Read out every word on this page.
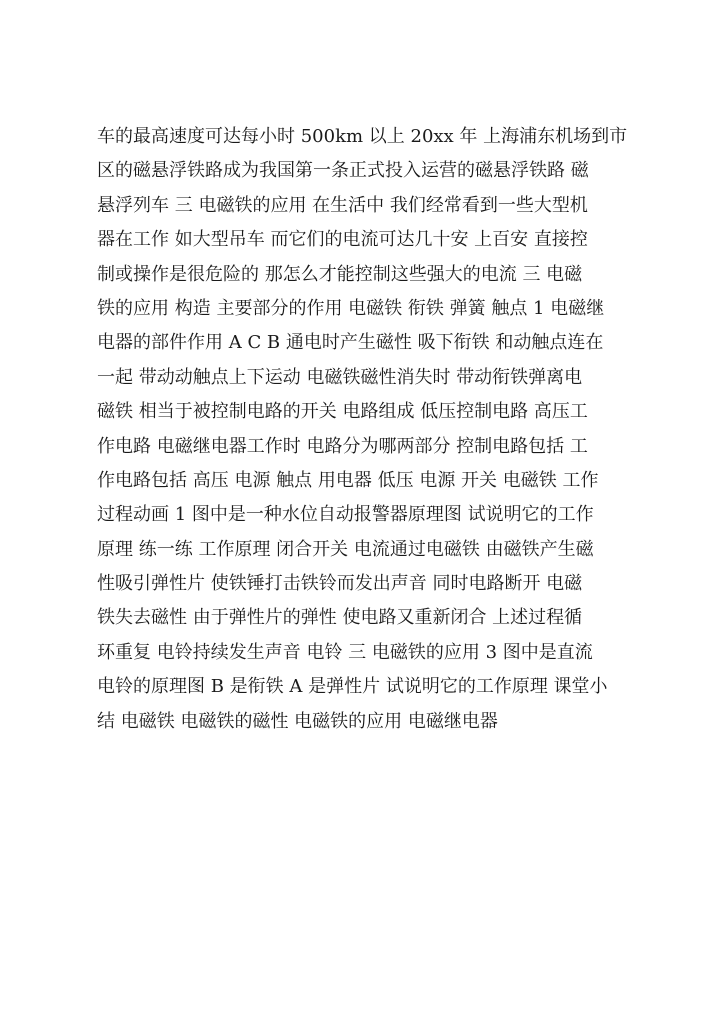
车的最高速度可达每小时 500km 以上 20xx 年 上海浦东机场到市
区的磁悬浮铁路成为我国第一条正式投入运营的磁悬浮铁路 磁
悬浮列车 三 电磁铁的应用 在生活中 我们经常看到一些大型机
器在工作 如大型吊车 而它们的电流可达几十安 上百安 直接控
制或操作是很危险的 那怎么才能控制这些强大的电流 三 电磁
铁的应用 构造 主要部分的作用 电磁铁 衔铁 弹簧 触点 1 电磁继
电器的部件作用 A C B 通电时产生磁性 吸下衔铁 和动触点连在
一起 带动动触点上下运动 电磁铁磁性消失时 带动衔铁弹离电
磁铁 相当于被控制电路的开关 电路组成 低压控制电路 高压工
作电路 电磁继电器工作时 电路分为哪两部分 控制电路包括 工
作电路包括 高压 电源 触点 用电器 低压 电源 开关 电磁铁 工作
过程动画 1 图中是一种水位自动报警器原理图 试说明它的工作
原理 练一练 工作原理 闭合开关 电流通过电磁铁 由磁铁产生磁
性吸引弹性片 使铁锤打击铁铃而发出声音 同时电路断开 电磁
铁失去磁性 由于弹性片的弹性 使电路又重新闭合 上述过程循
环重复 电铃持续发生声音 电铃 三 电磁铁的应用 3 图中是直流
电铃的原理图 B 是衔铁 A 是弹性片 试说明它的工作原理 课堂小
结 电磁铁 电磁铁的磁性 电磁铁的应用 电磁继电器
